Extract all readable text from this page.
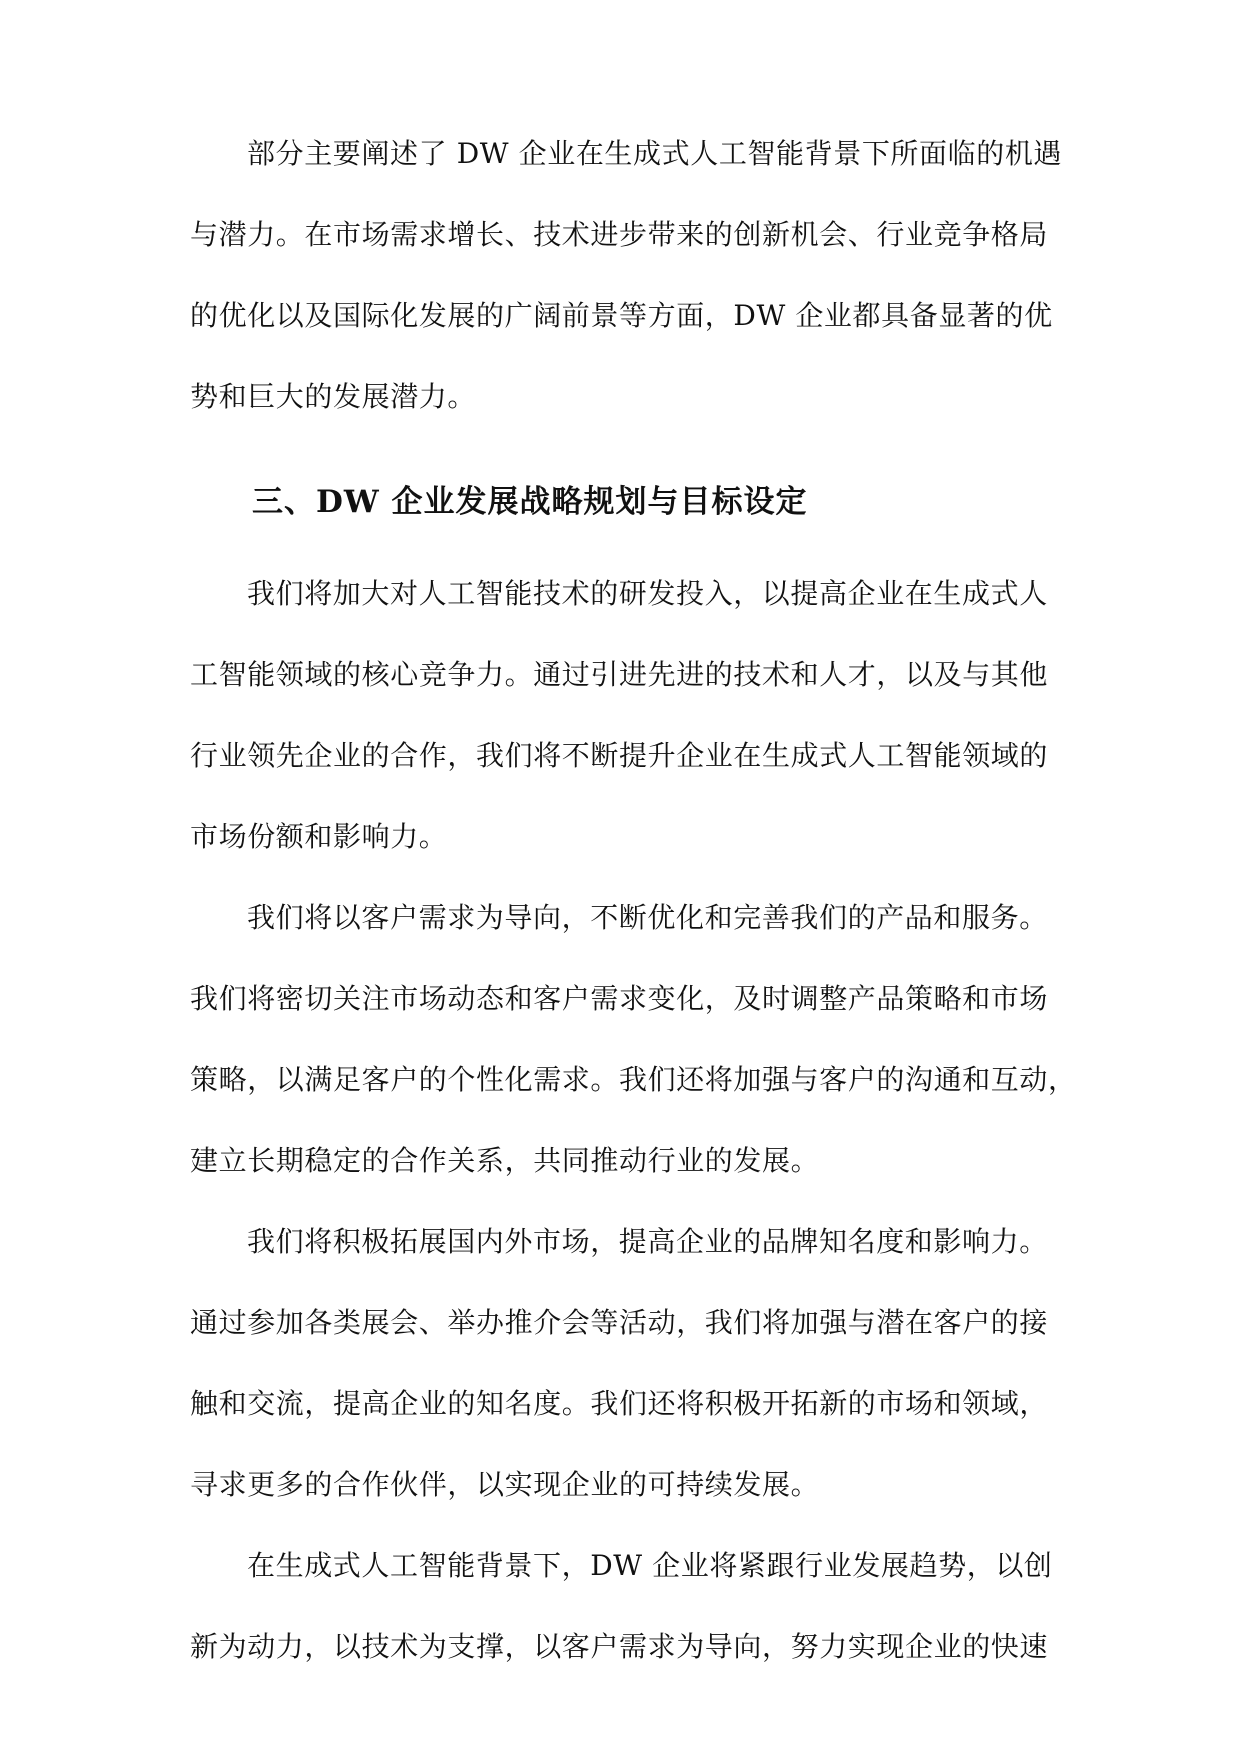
部分主要阐述了 DW 企业在生成式人工智能背景下所面临的机遇
与潜力。在市场需求增长、技术进步带来的创新机会、行业竞争格局
的优化以及国际化发展的广阔前景等方面，DW 企业都具备显著的优
势和巨大的发展潜力。
三、DW 企业发展战略规划与目标设定
我们将加大对人工智能技术的研发投入，以提高企业在生成式人
工智能领域的核心竞争力。通过引进先进的技术和人才，以及与其他
行业领先企业的合作，我们将不断提升企业在生成式人工智能领域的
市场份额和影响力。
我们将以客户需求为导向，不断优化和完善我们的产品和服务。
我们将密切关注市场动态和客户需求变化，及时调整产品策略和市场
策略，以满足客户的个性化需求。我们还将加强与客户的沟通和互动，
建立长期稳定的合作关系，共同推动行业的发展。
我们将积极拓展国内外市场，提高企业的品牌知名度和影响力。
通过参加各类展会、举办推介会等活动，我们将加强与潜在客户的接
触和交流，提高企业的知名度。我们还将积极开拓新的市场和领域，
寻求更多的合作伙伴，以实现企业的可持续发展。
在生成式人工智能背景下，DW 企业将紧跟行业发展趋势，以创
新为动力，以技术为支撑，以客户需求为导向，努力实现企业的快速
